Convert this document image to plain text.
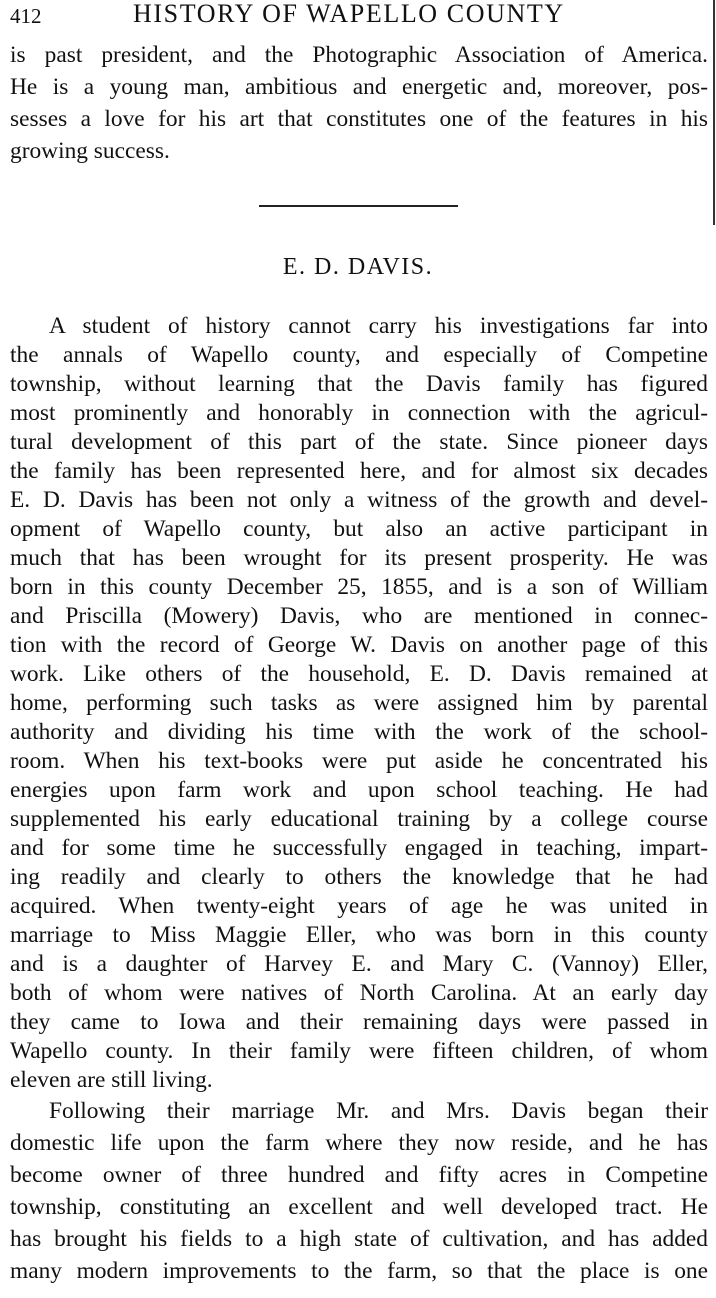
412	HISTORY OF WAPELLO COUNTY
is past president, and the Photographic Association of America.
He is a young man, ambitious and energetic and, moreover, pos-
sesses a love for his art that constitutes one of the features in his
growing success.
E. D. DAVIS.
A student of history cannot carry his investigations far into
the annals of Wapello county, and especially of Competine
township, without learning that the Davis family has figured
most prominently and honorably in connection with the agricul-
tural development of this part of the state. Since pioneer days
the family has been represented here, and for almost six decades
E. D. Davis has been not only a witness of the growth and devel-
opment of Wapello county, but also an active participant in
much that has been wrought for its present prosperity. He was
born in this county December 25, 1855, and is a son of William
and Priscilla (Mowery) Davis, who are mentioned in connec-
tion with the record of George W. Davis on another page of this
work. Like others of the household, E. D. Davis remained at
home, performing such tasks as were assigned him by parental
authority and dividing his time with the work of the school-
room. When his text-books were put aside he concentrated his
energies upon farm work and upon school teaching. He had
supplemented his early educational training by a college course
and for some time he successfully engaged in teaching, impart-
ing readily and clearly to others the knowledge that he had
acquired. When twenty-eight years of age he was united in
marriage to Miss Maggie Eller, who was born in this county
and is a daughter of Harvey E. and Mary C. (Vannoy) Eller,
both of whom were natives of North Carolina. At an early day
they came to Iowa and their remaining days were passed in
Wapello county. In their family were fifteen children, of whom
eleven are still living.
Following their marriage Mr. and Mrs. Davis began their
domestic life upon the farm where they now reside, and he has
become owner of three hundred and fifty acres in Competine
township, constituting an excellent and well developed tract. He
has brought his fields to a high state of cultivation, and has added
many modern improvements to the farm, so that the place is one
